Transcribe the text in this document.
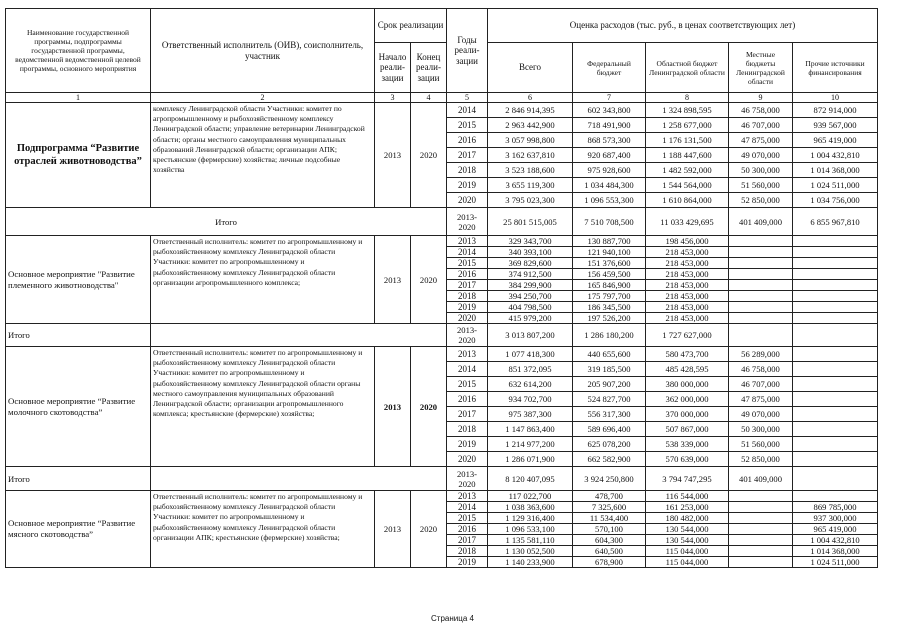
Наименование государственной программы, подпрограммы государственной программы, ведомственной ведомственной целевой программы, основного мероприятия	Ответственный исполнитель (ОИВ), соисполнитель, участник	Срок реализации		Годы реали-зации	Оценка расходов (тыс. руб., в ценах соответствующих лет)				
		Начало реали-зации	Конец реали-зации		Всего	Федеральный бюджет	Областной бюджет Ленинградской области	Местные бюджеты Ленинградской области	Прочие источники финансирования
1	2	3	4	5	6	7	8	9	10
Подпрограмма “Развитие отраслей животноводства”	комплексу Ленинградской области Участники: комитет по агропромышленному и рыбохозяйственному комплексу Ленинградской области; управление ветеринарии Ленинградской области; органы местного самоуправления муниципальных образований Ленинградской области; организации АПК; крестьянские (фермерские) хозяйства; личные подсобные хозяйства	2013	2020	2014	2 846 914,395	602 343,800	1 324 898,595	46 758,000	872 914,000
				2015	2 963 442,900	718 491,900	1 258 677,000	46 707,000	939 567,000
				2016	3 057 998,800	868 573,300	1 176 131,500	47 875,000	965 419,000
				2017	3 162 637,810	920 687,400	1 188 447,600	49 070,000	1 004 432,810
				2018	3 523 188,600	975 928,600	1 482 592,000	50 300,000	1 014 368,000
				2019	3 655 119,300	1 034 484,300	1 544 564,000	51 560,000	1 024 511,000
				2020	3 795 023,300	1 096 553,300	1 610 864,000	52 850,000	1 034 756,000
Итого				2013-2020	25 801 515,005	7 510 708,500	11 033 429,695	401 409,000	6 855 967,810
Основное мероприятие "Развитие племенного животноводства"	Ответственный исполнитель: комитет по агропромышленному и рыбохозяйственному комплексу Ленинградской области Участники: комитет по агропромышленному и рыбохозяйственному комплексу Ленинградской области организации агропромышленного комплекса;	2013	2020	2013	329 343,700	130 887,700	198 456,000		
				2014	340 393,100	121 940,100	218 453,000		
				2015	369 829,600	151 376,600	218 453,000		
				2016	374 912,500	156 459,500	218 453,000		
				2017	384 299,900	165 846,900	218 453,000		
				2018	394 250,700	175 797,700	218 453,000		
				2019	404 798,500	186 345,500	218 453,000		
				2020	415 979,200	197 526,200	218 453,000		
Итого				2013-2020	3 013 807,200	1 286 180,200	1 727 627,000		
Основное мероприятие “Развитие молочного скотоводства”	Ответственный исполнитель: комитет по агропромышленному и рыбохозяйственному комплексу Ленинградской области Участники: комитет по агропромышленному и рыбохозяйственному комплексу Ленинградской области органы местного самоуправления муниципальных образований Ленинградской области; организации агропромышленного комплекса; крестьянские (фермерские) хозяйства;	2013	2020	2013	1 077 418,300	440 655,600	580 473,700	56 289,000	
				2014	851 372,095	319 185,500	485 428,595	46 758,000	
				2015	632 614,200	205 907,200	380 000,000	46 707,000	
				2016	934 702,700	524 827,700	362 000,000	47 875,000	
				2017	975 387,300	556 317,300	370 000,000	49 070,000	
				2018	1 147 863,400	589 696,400	507 867,000	50 300,000	
				2019	1 214 977,200	625 078,200	538 339,000	51 560,000	
				2020	1 286 071,900	662 582,900	570 639,000	52 850,000	
Итого				2013-2020	8 120 407,095	3 924 250,800	3 794 747,295	401 409,000	
Основное мероприятие “Развитие мясного скотоводства”	Ответственный исполнитель: комитет по агропромышленному и рыбохозяйственному комплексу Ленинградской области Участники: комитет по агропромышленному и рыбохозяйственному комплексу Ленинградской области организации АПК; крестьянские (фермерские) хозяйства;	2013	2020	2013	117 022,700	478,700	116 544,000		
				2014	1 038 363,600	7 325,600	161 253,000		869 785,000
				2015	1 129 316,400	11 534,400	180 482,000		937 300,000
				2016	1 096 533,100	570,100	130 544,000		965 419,000
				2017	1 135 581,110	604,300	130 544,000		1 004 432,810
				2018	1 130 052,500	640,500	115 044,000		1 014 368,000
				2019	1 140 233,900	678,900	115 044,000		1 024 511,000
Страница 4
